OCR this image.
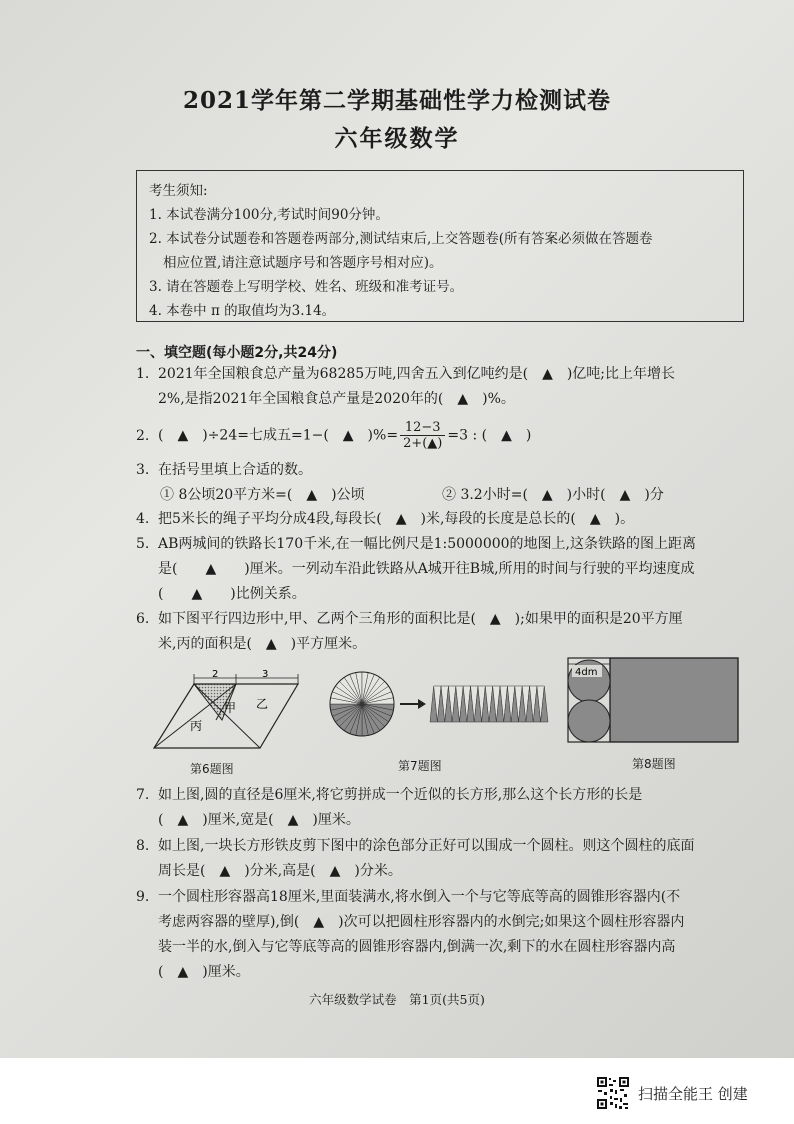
2021学年第二学期基础性学力检测试卷
六年级数学
考生须知:
1. 本试卷满分100分,考试时间90分钟。
2. 本试卷分试题卷和答题卷两部分,测试结束后,上交答题卷(所有答案必须做在答题卷
相应位置,请注意试题序号和答题序号相对应)。
3. 请在答题卷上写明学校、姓名、班级和准考证号。
4. 本卷中 π 的取值均为3.14。
一、填空题(每小题2分,共24分)
1. 2021年全国粮食总产量为68285万吨,四舍五入到亿吨约是(　▲　)亿吨;比上年增长
2%,是指2021年全国粮食总产量是2020年的(　▲　)%。
2. (　▲　)÷24=七成五=1−(　▲　)%= $\frac{12-3}{2+(▲)} =3$ : (　▲　)
3. 在括号里填上合适的数。
① 8公顷20平方米=(　▲　)公顷	② 3.2小时=(　▲　)小时(　▲　)分
4. 把5米长的绳子平均分成4段,每段长(　▲　)米,每段的长度是总长的(　▲　)。
5. AB两城间的铁路长170千米,在一幅比例尺是1:5000000的地图上,这条铁路的图上距离
是(　　▲　　)厘米。一列动车沿此铁路从A城开往B城,所用的时间与行驶的平均速度成
(　　▲　　)比例关系。
6. 如下图平行四边形中,甲、乙两个三角形的面积比是(　▲　);如果甲的面积是20平方厘
米,丙的面积是(　▲　)平方厘米。
2	3
甲 乙
丙
4dm
第6题图	第7题图	第8题图
7. 如上图,圆的直径是6厘米,将它剪拼成一个近似的长方形,那么这个长方形的长是
(　▲　)厘米,宽是(　▲　)厘米。
8. 如上图,一块长方形铁皮剪下图中的涂色部分正好可以围成一个圆柱。则这个圆柱的底面
周长是(　▲　)分米,高是(　▲　)分米。
9. 一个圆柱形容器高18厘米,里面装满水,将水倒入一个与它等底等高的圆锥形容器内(不
考虑两容器的壁厚),倒(　▲　)次可以把圆柱形容器内的水倒完;如果这个圆柱形容器内
装一半的水,倒入与它等底等高的圆锥形容器内,倒满一次,剩下的水在圆柱形容器内高
(　▲　)厘米。
六年级数学试卷　第1页(共5页)
扫描全能王 创建
